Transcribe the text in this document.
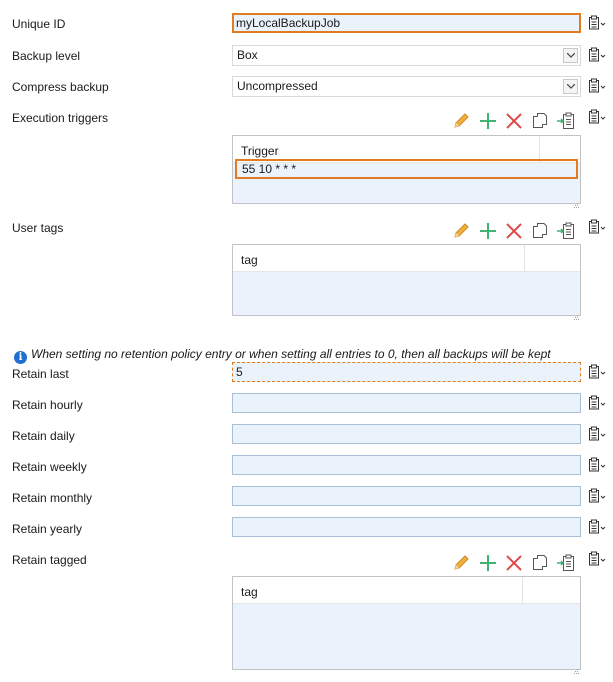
Unique ID	myLocalBackupJob
Backup level	Box
Compress backup	Uncompressed
Execution triggers
Trigger
55 10 * * *
User tags
tag
i When setting no retention policy entry or when setting all entries to 0, then all backups will be kept
Retain last	5
Retain hourly
Retain daily
Retain weekly
Retain monthly
Retain yearly
Retain tagged
tag
